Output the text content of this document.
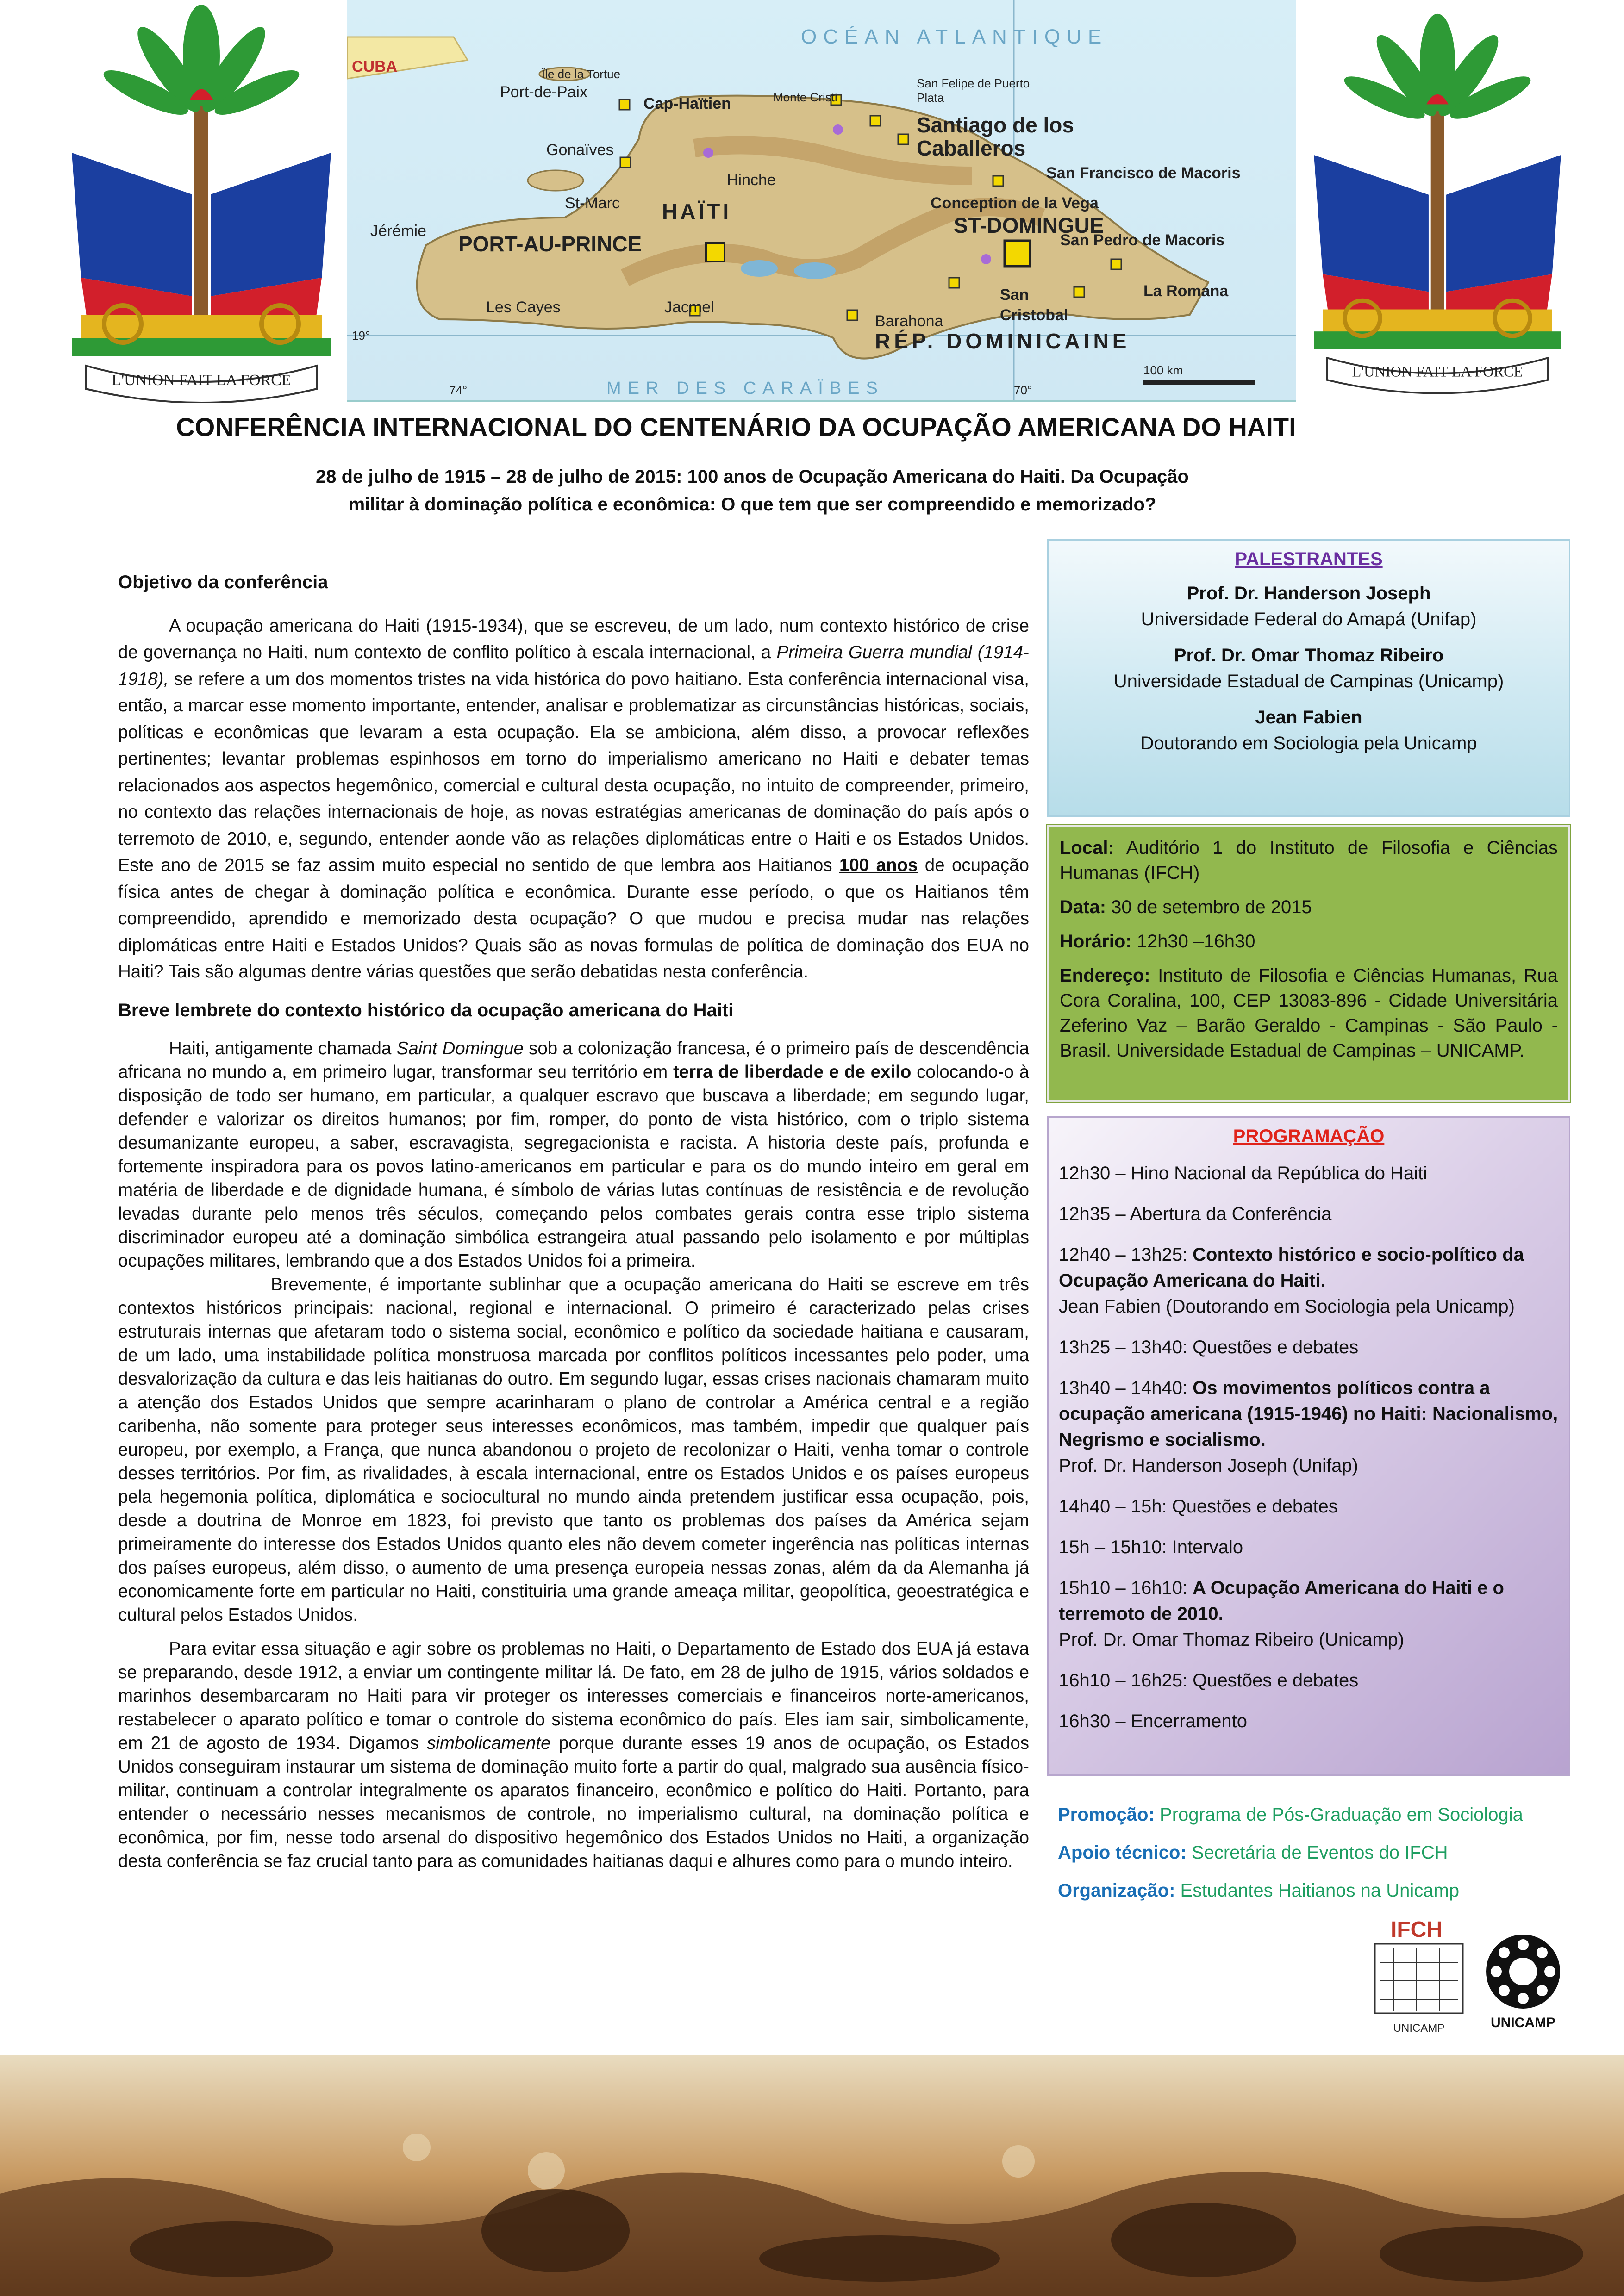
L'UNION FAIT LA FORCE
OCÉAN ATLANTIQUE
MER DES CARAÏBES
CUBA	Île de la Tortue
Port-de-Paix
Cap-Haïtien	Monte Cristi
San Felipe de Puerto Plata
Santiago de los Caballeros
Gonaïves
St-Marc
Hinche
HAÏTI
PORT-AU-PRINCE
Jérémie
Les Cayes	Jacmel
ST-DOMINGUE
San Francisco de Macoris
Conception de la Vega
San Pedro de Macoris
La Romana
San Cristobal
Barahona
RÉP. DOMINICAINE
100 km
19°
74°	70°
L'UNION FAIT LA FORCE
CONFERÊNCIA INTERNACIONAL DO CENTENÁRIO DA OCUPAÇÃO AMERICANA DO HAITI
28 de julho de 1915 – 28 de julho de 2015: 100 anos de Ocupação Americana do Haiti. Da Ocupação
militar à dominação política e econômica: O que tem que ser compreendido e memorizado?
Objetivo da conferência

A ocupação americana do Haiti (1915-1934), que se escreveu, de um lado, num contexto histórico de crise de governança no Haiti, num contexto de conflito político à escala internacional, a Primeira Guerra mundial (1914-1918), se refere a um dos momentos tristes na vida histórica do povo haitiano. Esta conferência internacional visa, então, a marcar esse momento importante, entender, analisar e problematizar as circunstâncias históricas, sociais, políticas e econômicas que levaram a esta ocupação. Ela se ambiciona, além disso, a provocar reflexões pertinentes; levantar problemas espinhosos em torno do imperialismo americano no Haiti e debater temas relacionados aos aspectos hegemônico, comercial e cultural desta ocupação, no intuito de compreender, primeiro, no contexto das relações internacionais de hoje, as novas estratégias americanas de dominação do país após o terremoto de 2010, e, segundo, entender aonde vão as relações diplomáticas entre o Haiti e os Estados Unidos. Este ano de 2015 se faz assim muito especial no sentido de que lembra aos Haitianos 100 anos de ocupação física antes de chegar à dominação política e econômica. Durante esse período, o que os Haitianos têm compreendido, aprendido e memorizado desta ocupação? O que mudou e precisa mudar nas relações diplomáticas entre Haiti e Estados Unidos? Quais são as novas formulas de política de dominação dos EUA no Haiti? Tais são algumas dentre várias questões que serão debatidas nesta conferência.

Breve lembrete do contexto histórico da ocupação americana do Haiti

Haiti, antigamente chamada Saint Domingue sob a colonização francesa, é o primeiro país de descendência africana no mundo a, em primeiro lugar, transformar seu território em terra de liberdade e de exilo colocando-o à disposição de todo ser humano, em particular, a qualquer escravo que buscava a liberdade; em segundo lugar, defender e valorizar os direitos humanos; por fim, romper, do ponto de vista histórico, com o triplo sistema desumanizante europeu, a saber, escravagista, segregacionista e racista. A historia deste país, profunda e fortemente inspiradora para os povos latino-americanos em particular e para os do mundo inteiro em geral em matéria de liberdade e de dignidade humana, é símbolo de várias lutas contínuas de resistência e de revolução levadas durante pelo menos três séculos, começando pelos combates gerais contra esse triplo sistema discriminador europeu até a dominação simbólica estrangeira atual passando pelo isolamento e por múltiplas ocupações militares, lembrando que a dos Estados Unidos foi a primeira.

Brevemente, é importante sublinhar que a ocupação americana do Haiti se escreve em três contextos históricos principais: nacional, regional e internacional. O primeiro é caracterizado pelas crises estruturais internas que afetaram todo o sistema social, econômico e político da sociedade haitiana e causaram, de um lado, uma instabilidade política monstruosa marcada por conflitos políticos incessantes pelo poder, uma desvalorização da cultura e das leis haitianas do outro. Em segundo lugar, essas crises nacionais chamaram muito a atenção dos Estados Unidos que sempre acarinharam o plano de controlar a América central e a região caribenha, não somente para proteger seus interesses econômicos, mas também, impedir que qualquer país europeu, por exemplo, a França, que nunca abandonou o projeto de recolonizar o Haiti, venha tomar o controle desses territórios. Por fim, as rivalidades, à escala internacional, entre os Estados Unidos e os países europeus pela hegemonia política, diplomática e sociocultural no mundo ainda pretendem justificar essa ocupação, pois, desde a doutrina de Monroe em 1823, foi previsto que tanto os problemas dos países da América sejam primeiramente do interesse dos Estados Unidos quanto eles não devem cometer ingerência nas políticas internas dos países europeus, além disso, o aumento de uma presença europeia nessas zonas, além da da Alemanha já economicamente forte em particular no Haiti, constituiria uma grande ameaça militar, geopolítica, geoestratégica e cultural pelos Estados Unidos.

Para evitar essa situação e agir sobre os problemas no Haiti, o Departamento de Estado dos EUA já estava se preparando, desde 1912, a enviar um contingente militar lá. De fato, em 28 de julho de 1915, vários soldados e marinhos desembarcaram no Haiti para vir proteger os interesses comerciais e financeiros norte-americanos, restabelecer o aparato político e tomar o controle do sistema econômico do país. Eles iam sair, simbolicamente, em 21 de agosto de 1934. Digamos simbolicamente porque durante esses 19 anos de ocupação, os Estados Unidos conseguiram instaurar um sistema de dominação muito forte a partir do qual, malgrado sua ausência físico-militar, continuam a controlar integralmente os aparatos financeiro, econômico e político do Haiti. Portanto, para entender o necessário nesses mecanismos de controle, no imperialismo cultural, na dominação política e econômica, por fim, nesse todo arsenal do dispositivo hegemônico dos Estados Unidos no Haiti, a organização desta conferência se faz crucial tanto para as comunidades haitianas daqui e alhures como para o mundo inteiro.

PALESTRANTES
Prof. Dr. Handerson Joseph
Universidade Federal do Amapá (Unifap)
Prof. Dr. Omar Thomaz Ribeiro
Universidade Estadual de Campinas (Unicamp)
Jean Fabien
Doutorando em Sociologia pela Unicamp

Local: Auditório 1 do Instituto de Filosofia e Ciências Humanas (IFCH)

Data: 30 de setembro de 2015

Horário: 12h30 –16h30

Endereço: Instituto de Filosofia e Ciências Humanas, Rua Cora Coralina, 100, CEP 13083-896 - Cidade Universitária Zeferino Vaz – Barão Geraldo - Campinas - São Paulo - Brasil. Universidade Estadual de Campinas – UNICAMP.

PROGRAMAÇÃO
12h30 – Hino Nacional da República do Haiti
12h35 – Abertura da Conferência
12h40 – 13h25: Contexto histórico e socio-político da Ocupação Americana do Haiti.
Jean Fabien (Doutorando em Sociologia pela Unicamp)
13h25 – 13h40: Questões e debates
13h40 – 14h40: Os movimentos políticos contra a ocupação americana (1915-1946) no Haiti: Nacionalismo, Negrismo e socialismo.
Prof. Dr. Handerson Joseph (Unifap)
14h40 – 15h: Questões e debates
15h – 15h10: Intervalo
15h10 – 16h10: A Ocupação Americana do Haiti e o terremoto de 2010.
Prof. Dr. Omar Thomaz Ribeiro (Unicamp)
16h10 – 16h25: Questões e debates
16h30 – Encerramento
Promoção: Programa de Pós-Graduação em Sociologia
Apoio técnico: Secretária de Eventos do IFCH
Organização: Estudantes Haitianos na Unicamp
IFCH
UNICAMP	UNICAMP
